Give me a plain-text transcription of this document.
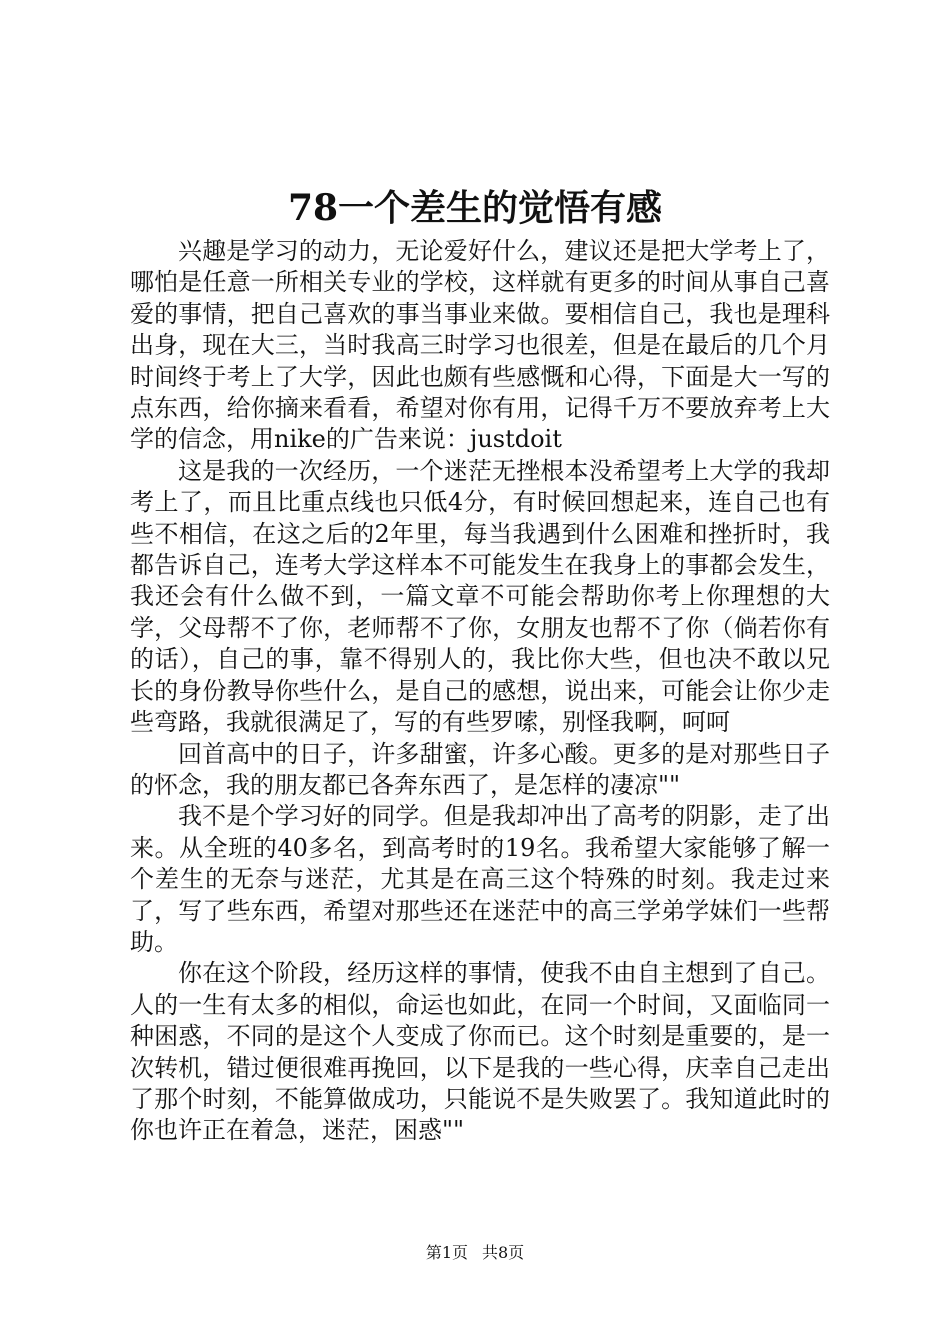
78一个差生的觉悟有感

兴趣是学习的动力，无论爱好什么，建议还是把大学考上了，哪怕是任意一所相关专业的学校，这样就有更多的时间从事自己喜爱的事情，把自己喜欢的事当事业来做。要相信自己，我也是理科出身，现在大三，当时我高三时学习也很差，但是在最后的几个月时间终于考上了大学，因此也颇有些感慨和心得，下面是大一写的点东西，给你摘来看看，希望对你有用，记得千万不要放弃考上大学的信念，用nike的广告来说：justdoit

这是我的一次经历，一个迷茫无挫根本没希望考上大学的我却考上了，而且比重点线也只低4分，有时候回想起来，连自己也有些不相信，在这之后的2年里，每当我遇到什么困难和挫折时，我都告诉自己，连考大学这样本不可能发生在我身上的事都会发生，我还会有什么做不到，一篇文章不可能会帮助你考上你理想的大学，父母帮不了你，老师帮不了你，女朋友也帮不了你（倘若你有的话），自己的事，靠不得别人的，我比你大些，但也决不敢以兄长的身份教导你些什么，是自己的感想，说出来，可能会让你少走些弯路，我就很满足了，写的有些罗嗦，别怪我啊，呵呵

回首高中的日子，许多甜蜜，许多心酸。更多的是对那些日子的怀念，我的朋友都已各奔东西了，是怎样的凄凉""

我不是个学习好的同学。但是我却冲出了高考的阴影，走了出来。从全班的40多名，到高考时的19名。我希望大家能够了解一个差生的无奈与迷茫，尤其是在高三这个特殊的时刻。我走过来了，写了些东西，希望对那些还在迷茫中的高三学弟学妹们一些帮助。

你在这个阶段，经历这样的事情，使我不由自主想到了自己。人的一生有太多的相似，命运也如此，在同一个时间，又面临同一种困惑，不同的是这个人变成了你而已。这个时刻是重要的，是一次转机，错过便很难再挽回，以下是我的一些心得，庆幸自己走出了那个时刻，不能算做成功，只能说不是失败罢了。我知道此时的你也许正在着急，迷茫，困惑""

第1页 共8页
